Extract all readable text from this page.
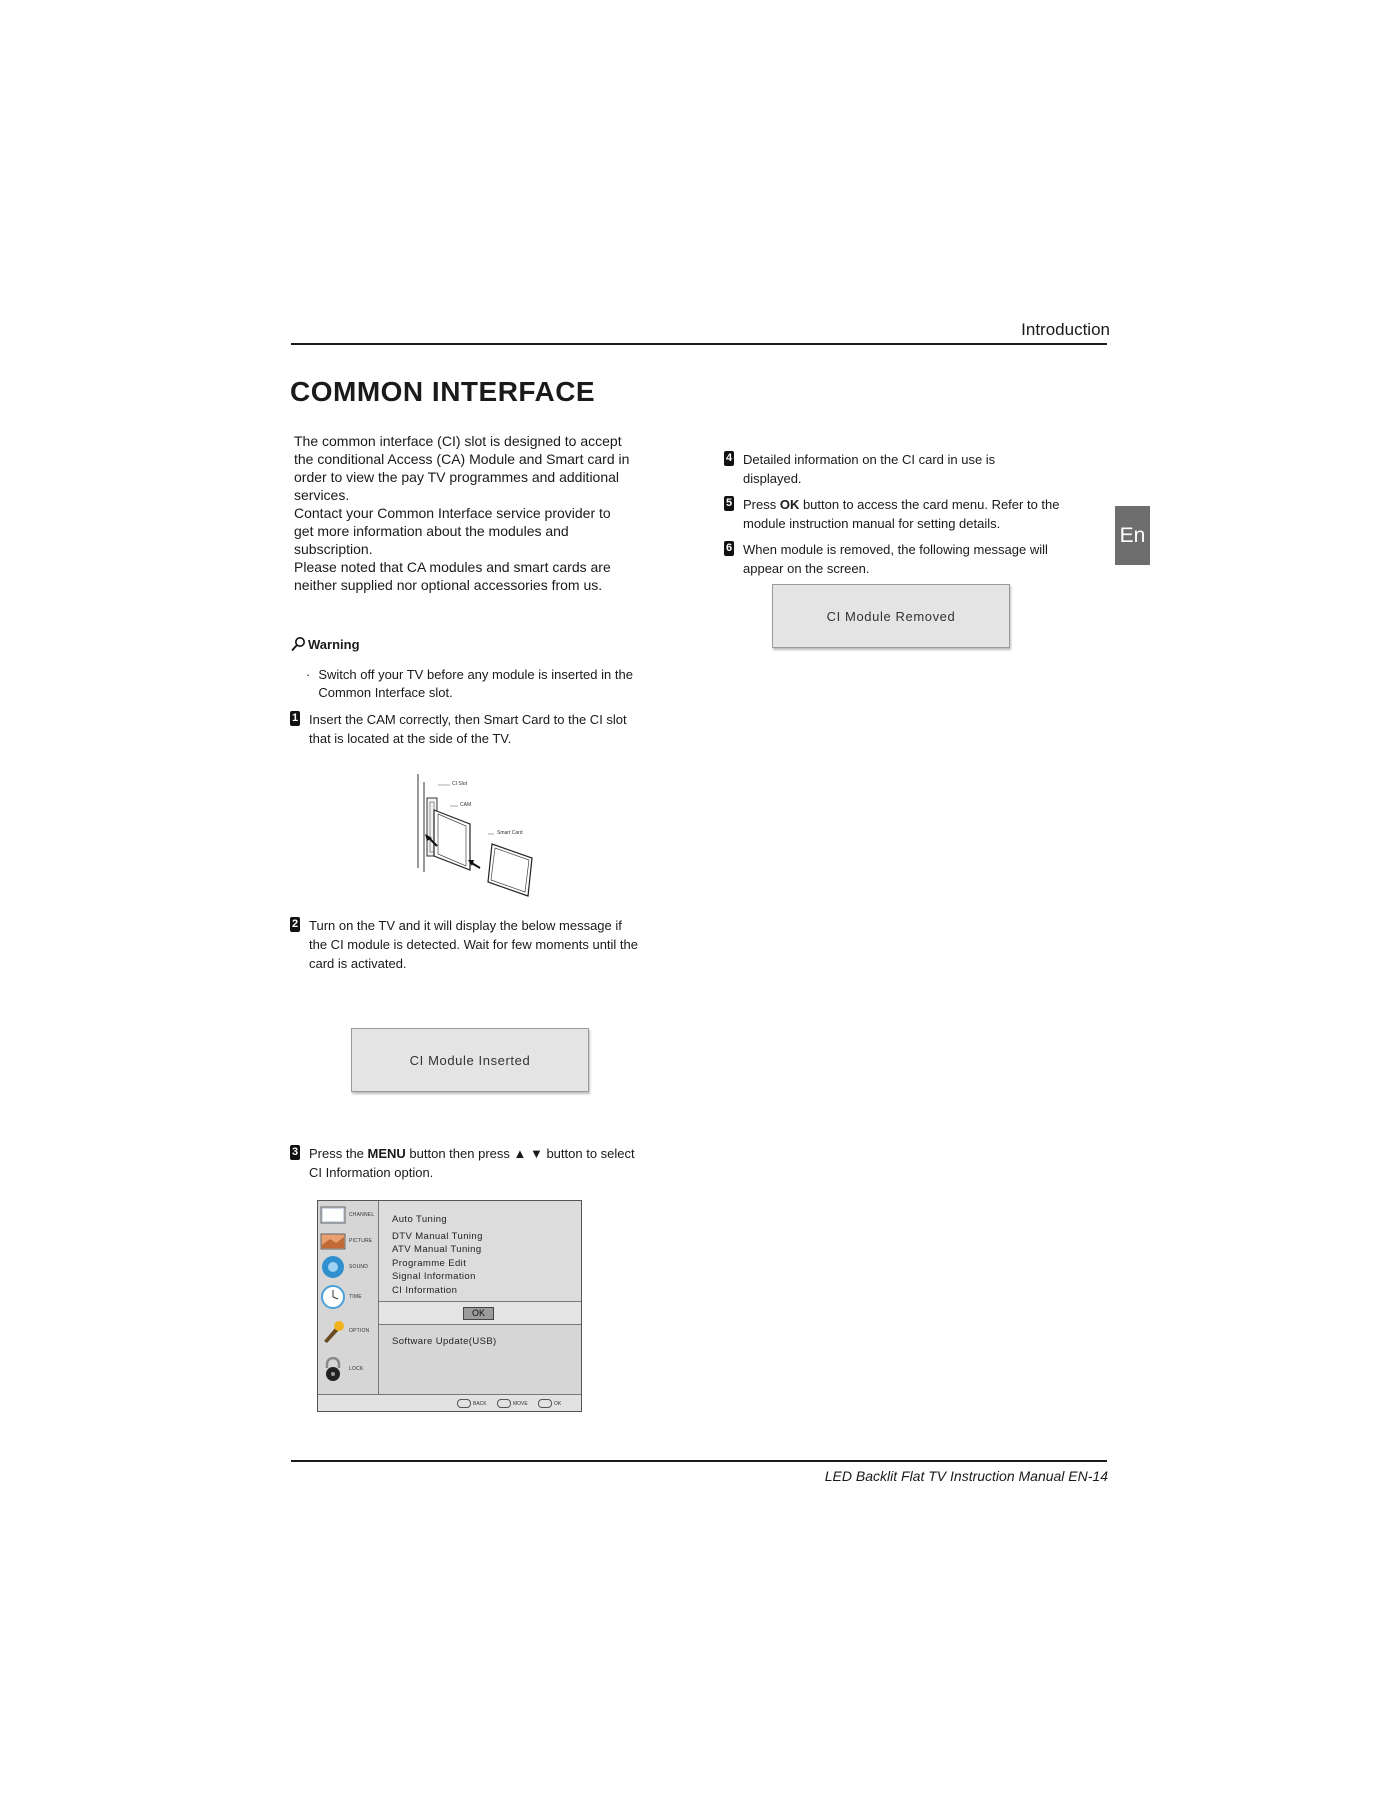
Introduction
COMMON INTERFACE

The common interface (CI) slot is designed to accept the conditional Access (CA) Module and Smart card in order to view the pay TV programmes and additional services.

Contact your Common Interface service provider to get more information about the modules and subscription.

Please noted that CA modules and smart cards are neither supplied nor optional accessories from us.

Warning
· Switch off your TV before any module is inserted in the Common Interface slot.
1 Insert the CAM correctly, then Smart Card to the CI slot that is located at the side of the TV.
CI Slot
CAM
Smart Card
2 Turn on the TV and it will display the below message if the CI module is detected. Wait for few moments until the card is activated.
CI Module Inserted
3 Press the MENU button then press ▲ ▼ button to select CI Information option.
CHANNEL
PICTURE
SOUND
TIME
OPTION
LOCK
Auto Tuning
DTV Manual Tuning
ATV Manual Tuning
Programme Edit
Signal Information
CI Information
OK
Software Update(USB)
BACK	MOVE	OK
4 Detailed information on the CI card in use is displayed.
5 Press OK button to access the card menu. Refer to the module instruction manual for setting details.
6 When module is removed, the following message will appear on the screen.
CI Module Removed
En
LED Backlit Flat TV Instruction Manual EN-14
